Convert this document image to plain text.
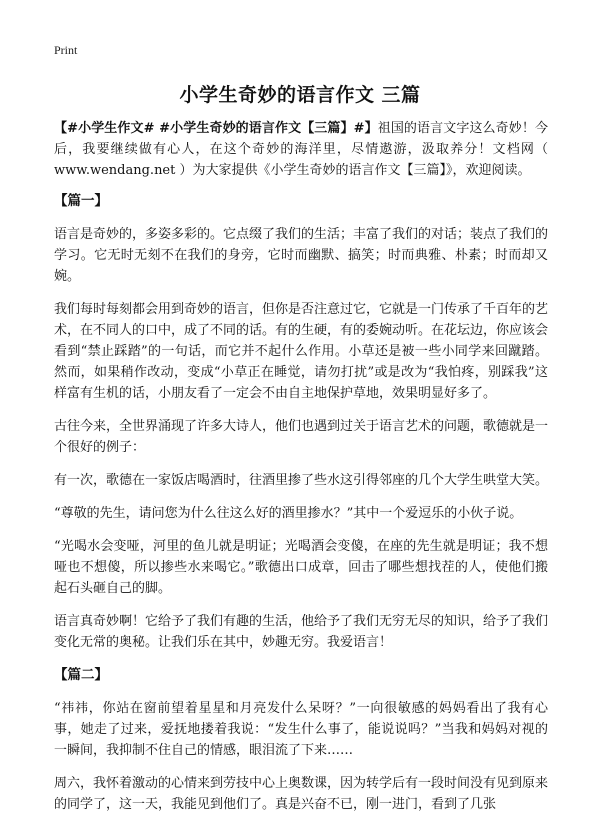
Print
小学生奇妙的语言作文 三篇

【#小学生作文# #小学生奇妙的语言作文【三篇】#】祖国的语言文字这么奇妙！今后，我要继续做有心人，在这个奇妙的海洋里，尽情遨游，汲取养分！文档网（ www.wendang.net ）为大家提供《小学生奇妙的语言作文【三篇】》，欢迎阅读。

【篇一】

语言是奇妙的，多姿多彩的。它点缀了我们的生活；丰富了我们的对话；装点了我们的学习。它无时无刻不在我们的身旁，它时而幽默、搞笑；时而典雅、朴素；时而却又婉。

我们每时每刻都会用到奇妙的语言，但你是否注意过它，它就是一门传承了千百年的艺术，在不同人的口中，成了不同的话。有的生硬，有的委婉动听。在花坛边，你应该会看到“禁止踩踏”的一句话，而它并不起什么作用。小草还是被一些小同学来回蹴踏。然而，如果稍作改动，变成“小草正在睡觉，请勿打扰”或是改为“我怕疼，别踩我”这样富有生机的话，小朋友看了一定会不由自主地保护草地，效果明显好多了。

古往今来，全世界涌现了许多大诗人，他们也遇到过关于语言艺术的问题，歌德就是一个很好的例子：

有一次，歌德在一家饭店喝酒时，往酒里掺了些水这引得邻座的几个大学生哄堂大笑。

“尊敬的先生，请问您为什么往这么好的酒里掺水？”其中一个爱逗乐的小伙子说。

“光喝水会变哑，河里的鱼儿就是明证；光喝酒会变傻，在座的先生就是明证；我不想哑也不想傻，所以掺些水来喝它。”歌德出口成章，回击了哪些想找茬的人，使他们搬起石头砸自己的脚。

语言真奇妙啊！它给予了我们有趣的生活，他给予了我们无穷无尽的知识，给予了我们变化无常的奥秘。让我们乐在其中，妙趣无穷。我爱语言！

【篇二】

“祎祎，你站在窗前望着星星和月亮发什么呆呀？”一向很敏感的妈妈看出了我有心事，她走了过来，爱抚地搂着我说：“发生什么事了，能说说吗？”当我和妈妈对视的一瞬间，我抑制不住自己的情感，眼泪流了下来……

周六，我怀着激动的心情来到劳技中心上奥数课，因为转学后有一段时间没有见到原来的同学了，这一天，我能见到他们了。真是兴奋不已，刚一进门，看到了几张
